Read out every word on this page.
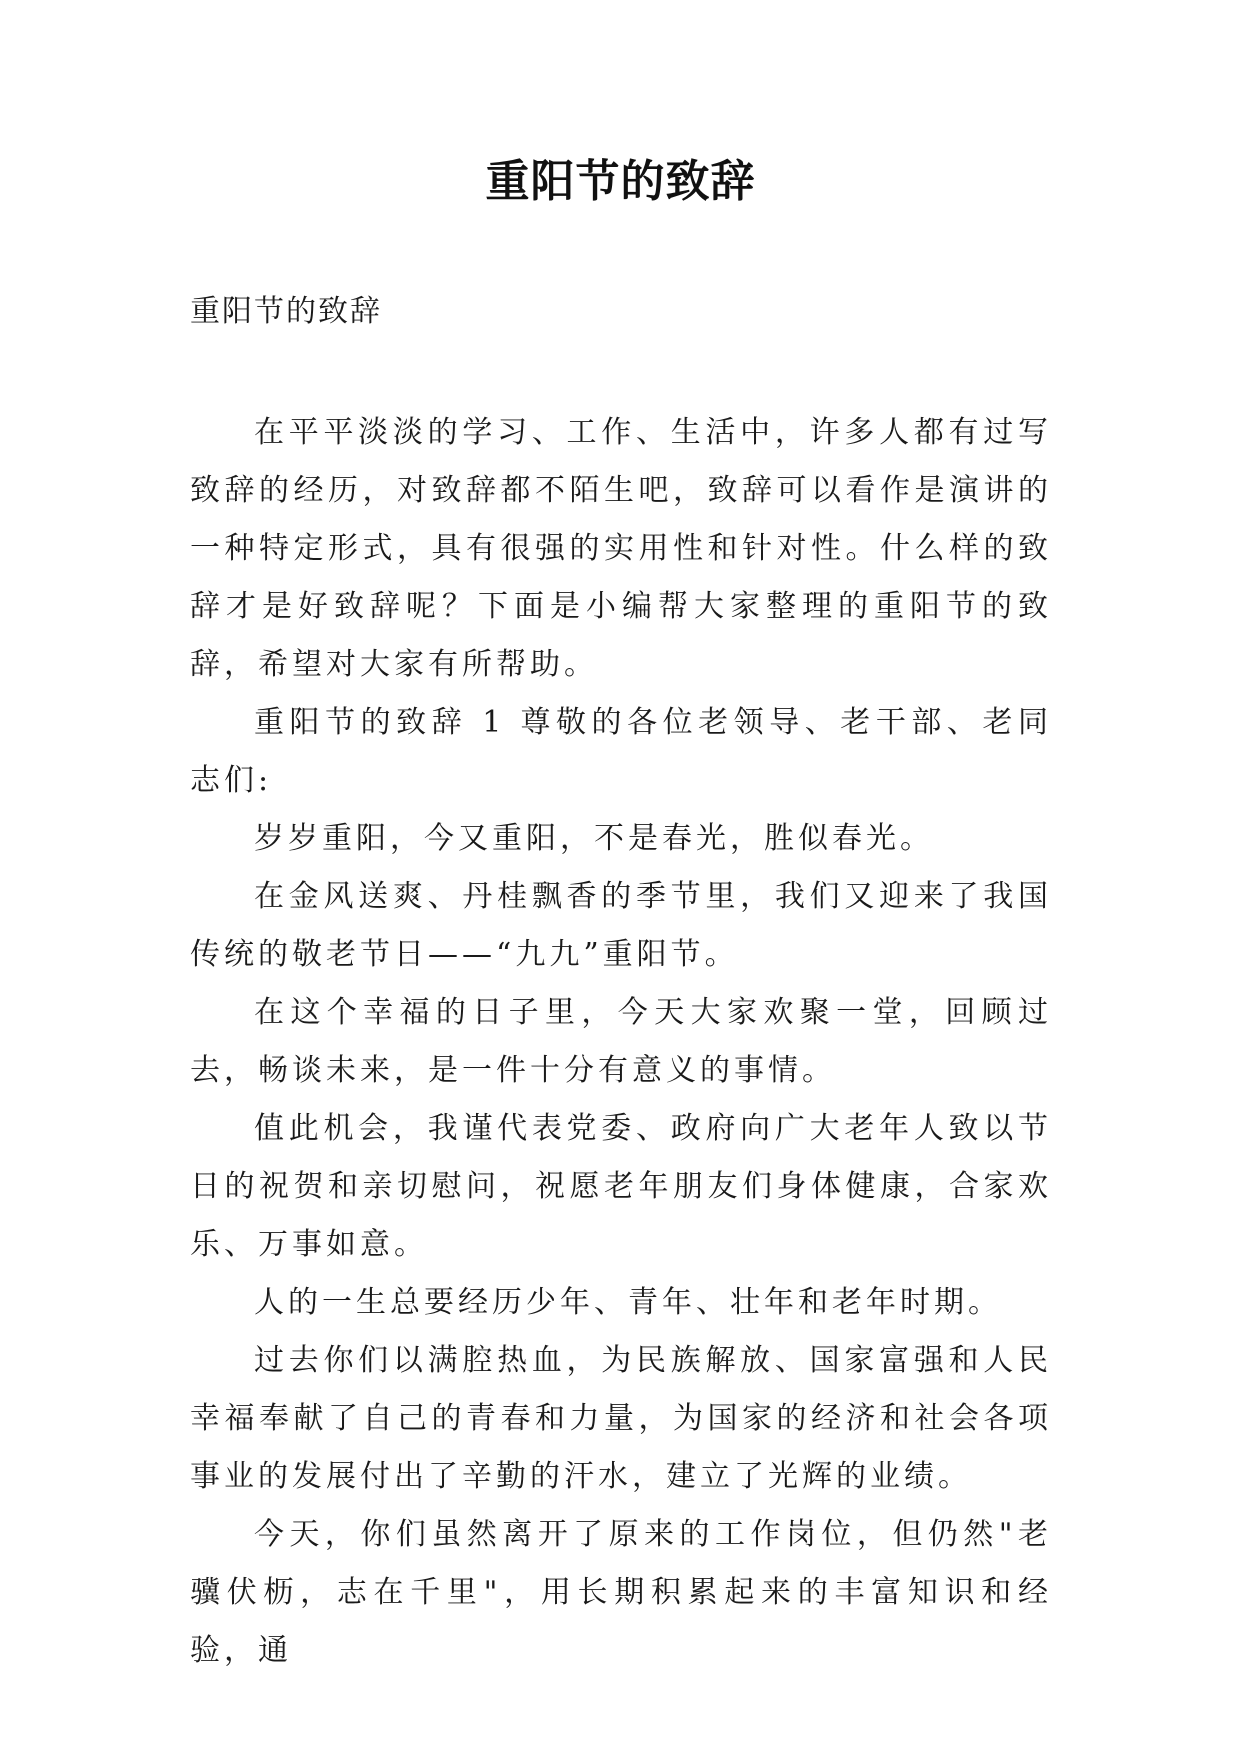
重阳节的致辞
重阳节的致辞

在平平淡淡的学习、工作、生活中，许多人都有过写致辞的经历，对致辞都不陌生吧，致辞可以看作是演讲的一种特定形式，具有很强的实用性和针对性。什么样的致辞才是好致辞呢？下面是小编帮大家整理的重阳节的致辞，希望对大家有所帮助。

重阳节的致辞 1 尊敬的各位老领导、老干部、老同志们:

岁岁重阳，今又重阳，不是春光，胜似春光。

在金风送爽、丹桂飘香的季节里，我们又迎来了我国传统的敬老节日——“九九”重阳节。

在这个幸福的日子里，今天大家欢聚一堂，回顾过去，畅谈未来，是一件十分有意义的事情。

值此机会，我谨代表党委、政府向广大老年人致以节日的祝贺和亲切慰问，祝愿老年朋友们身体健康，合家欢乐、万事如意。

人的一生总要经历少年、青年、壮年和老年时期。

过去你们以满腔热血，为民族解放、国家富强和人民幸福奉献了自己的青春和力量，为国家的经济和社会各项事业的发展付出了辛勤的汗水，建立了光辉的业绩。

今天，你们虽然离开了原来的工作岗位，但仍然"老骥伏枥，志在千里"，用长期积累起来的丰富知识和经验，通
